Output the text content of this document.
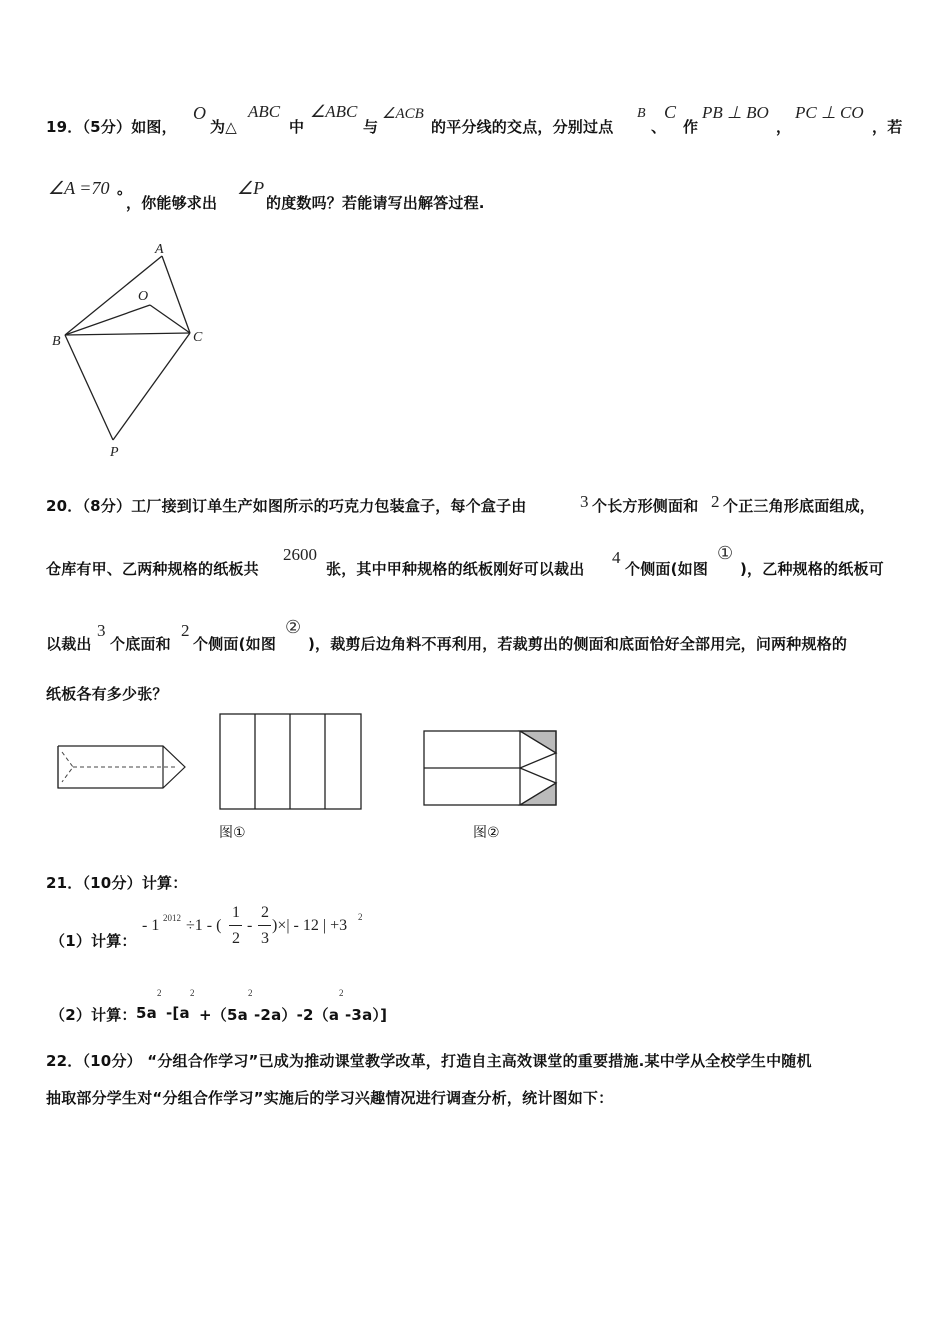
19．（5分）如图，
O
为△
ABC
中
∠ABC
与
∠ACB
的平分线的交点，分别过点
B
、
C
作
PB ⊥ BO
，
PC ⊥ CO
，若
∠A =70 ° ，你能够求出
∠P
的度数吗？若能请写出解答过程.
A
O
B	C
P
20．（8分）工厂接到订单生产如图所示的巧克力包装盒子，每个盒子由	3 个长方形侧面和 2 个正三角形底面组成，
仓库有甲、乙两种规格的纸板共
2600
张，其中甲种规格的纸板刚好可以裁出
4
个侧面(如图
①
)，乙种规格的纸板可
以裁出
3
个底面和
2
个侧面(如图
②
)，裁剪后边角料不再利用，若裁剪出的侧面和底面恰好全部用完，问两种规格的
纸板各有多少张？
图①	图②
21．（10分）计算：
（1）计算：
- 1 2012 ÷1 - (
1
2
-
2
3
)×| - 12 | +3 2
（2）计算： 5a
2
-[a
2
+（5a
2
-2a）-2（a
2
-3a）]
22．（10分） “分组合作学习”已成为推动课堂教学改革，打造自主高效课堂的重要措施.某中学从全校学生中随机
抽取部分学生对“分组合作学习”实施后的学习兴趣情况进行调查分析，统计图如下：
